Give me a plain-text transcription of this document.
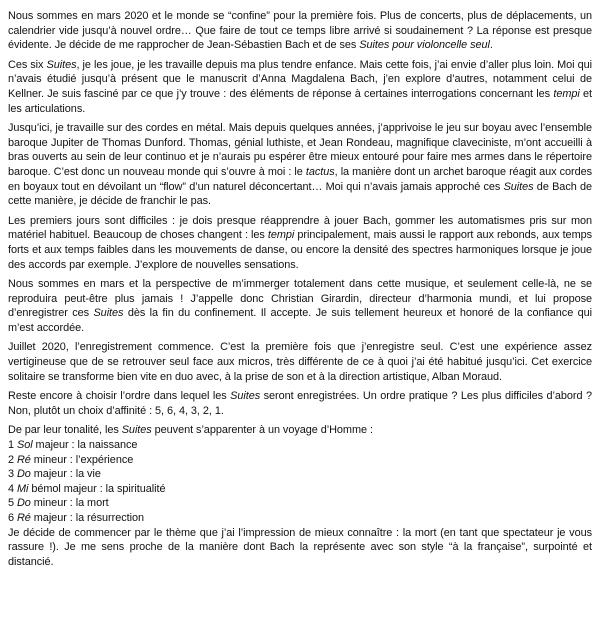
Nous sommes en mars 2020 et le monde se “confine” pour la première fois. Plus de concerts, plus de déplacements, un calendrier vide jusqu’à nouvel ordre… Que faire de tout ce temps libre arrivé si soudainement ? La réponse est presque évidente. Je décide de me rapprocher de Jean-Sébastien Bach et de ses Suites pour violoncelle seul.

Ces six Suites, je les joue, je les travaille depuis ma plus tendre enfance. Mais cette fois, j’ai envie d’aller plus loin. Moi qui n’avais étudié jusqu’à présent que le manuscrit d’Anna Magdalena Bach, j’en explore d’autres, notamment celui de Kellner. Je suis fasciné par ce que j’y trouve : des éléments de réponse à certaines interrogations concernant les tempi et les articulations.

Jusqu’ici, je travaille sur des cordes en métal. Mais depuis quelques années, j’apprivoise le jeu sur boyau avec l’ensemble baroque Jupiter de Thomas Dunford. Thomas, génial luthiste, et Jean Rondeau, magnifique claveciniste, m’ont accueilli à bras ouverts au sein de leur continuo et je n’aurais pu espérer être mieux entouré pour faire mes armes dans le répertoire baroque. C’est donc un nouveau monde qui s’ouvre à moi : le tactus, la manière dont un archet baroque réagit aux cordes en boyaux tout en dévoilant un “flow” d’un naturel déconcertant… Moi qui n’avais jamais approché ces Suites de Bach de cette manière, je décide de franchir le pas.

Les premiers jours sont difficiles : je dois presque réapprendre à jouer Bach, gommer les automatismes pris sur mon matériel habituel. Beaucoup de choses changent : les tempi principalement, mais aussi le rapport aux rebonds, aux temps forts et aux temps faibles dans les mouvements de danse, ou encore la densité des spectres harmoniques lorsque je joue des accords par exemple. J’explore de nouvelles sensations.

Nous sommes en mars et la perspective de m’immerger totalement dans cette musique, et seulement celle-là, ne se reproduira peut-être plus jamais ! J’appelle donc Christian Girardin, directeur d’harmonia mundi, et lui propose d’enregistrer ces Suites dès la fin du confinement. Il accepte. Je suis tellement heureux et honoré de la confiance qui m’est accordée.

Juillet 2020, l’enregistrement commence. C’est la première fois que j’enregistre seul. C’est une expérience assez vertigineuse que de se retrouver seul face aux micros, très différente de ce à quoi j’ai été habitué jusqu’ici. Cet exercice solitaire se transforme bien vite en duo avec, à la prise de son et à la direction artistique, Alban Moraud.

Reste encore à choisir l’ordre dans lequel les Suites seront enregistrées. Un ordre pratique ? Les plus difficiles d’abord ? Non, plutôt un choix d’affinité : 5, 6, 4, 3, 2, 1.

De par leur tonalité, les Suites peuvent s’apparenter à un voyage d’Homme :

1 Sol majeur : la naissance
2 Ré mineur : l’expérience
3 Do majeur : la vie
4 Mi bémol majeur : la spiritualité
5 Do mineur : la mort
6 Ré majeur : la résurrection

Je décide de commencer par le thème que j’ai l’impression de mieux connaître : la mort (en tant que spectateur je vous rassure !). Je me sens proche de la manière dont Bach la représente avec son style “à la française”, surpointé et distancié.
